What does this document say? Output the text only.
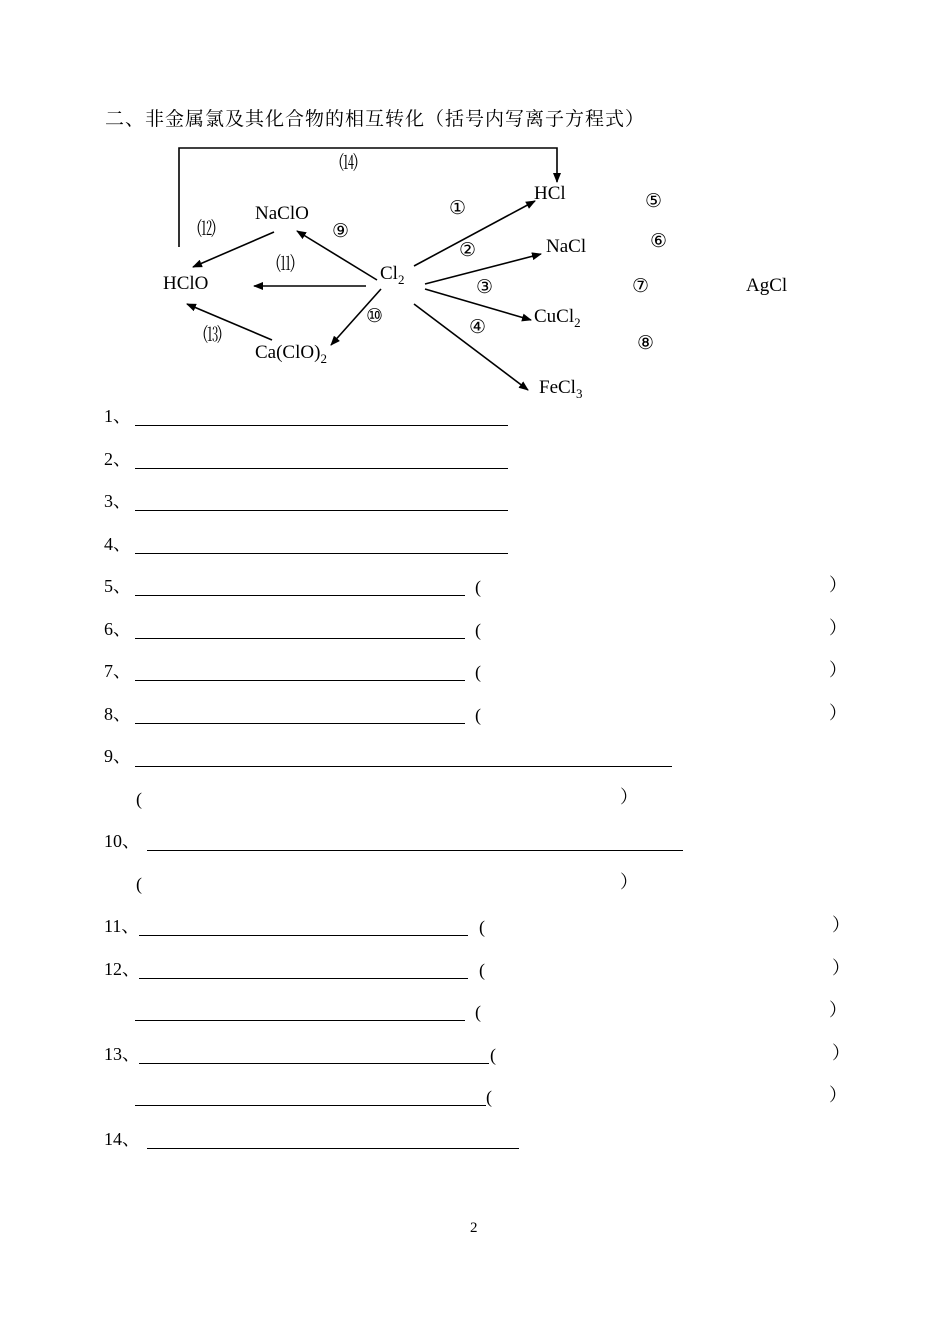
二、非金属氯及其化合物的相互转化（括号内写离子方程式）
HCl
NaClO
HClO	$Cl_2$
NaCl
CuCl$_2$
$Ca(ClO)_2$
FeCl$_3$
AgCl
①
②
③
④
⑤
⑥
⑦
⑧
⑨
⑩
⑾
⑿
⒀
⒁
1、
2、
3、
4、
5、	(	）
6、	(	）
7、	(	）
8、	(	）
9、
(	）
10、
(	）
11、	(	）
12、	(	）
(	）
13、	(	）
(	）
14、
2
